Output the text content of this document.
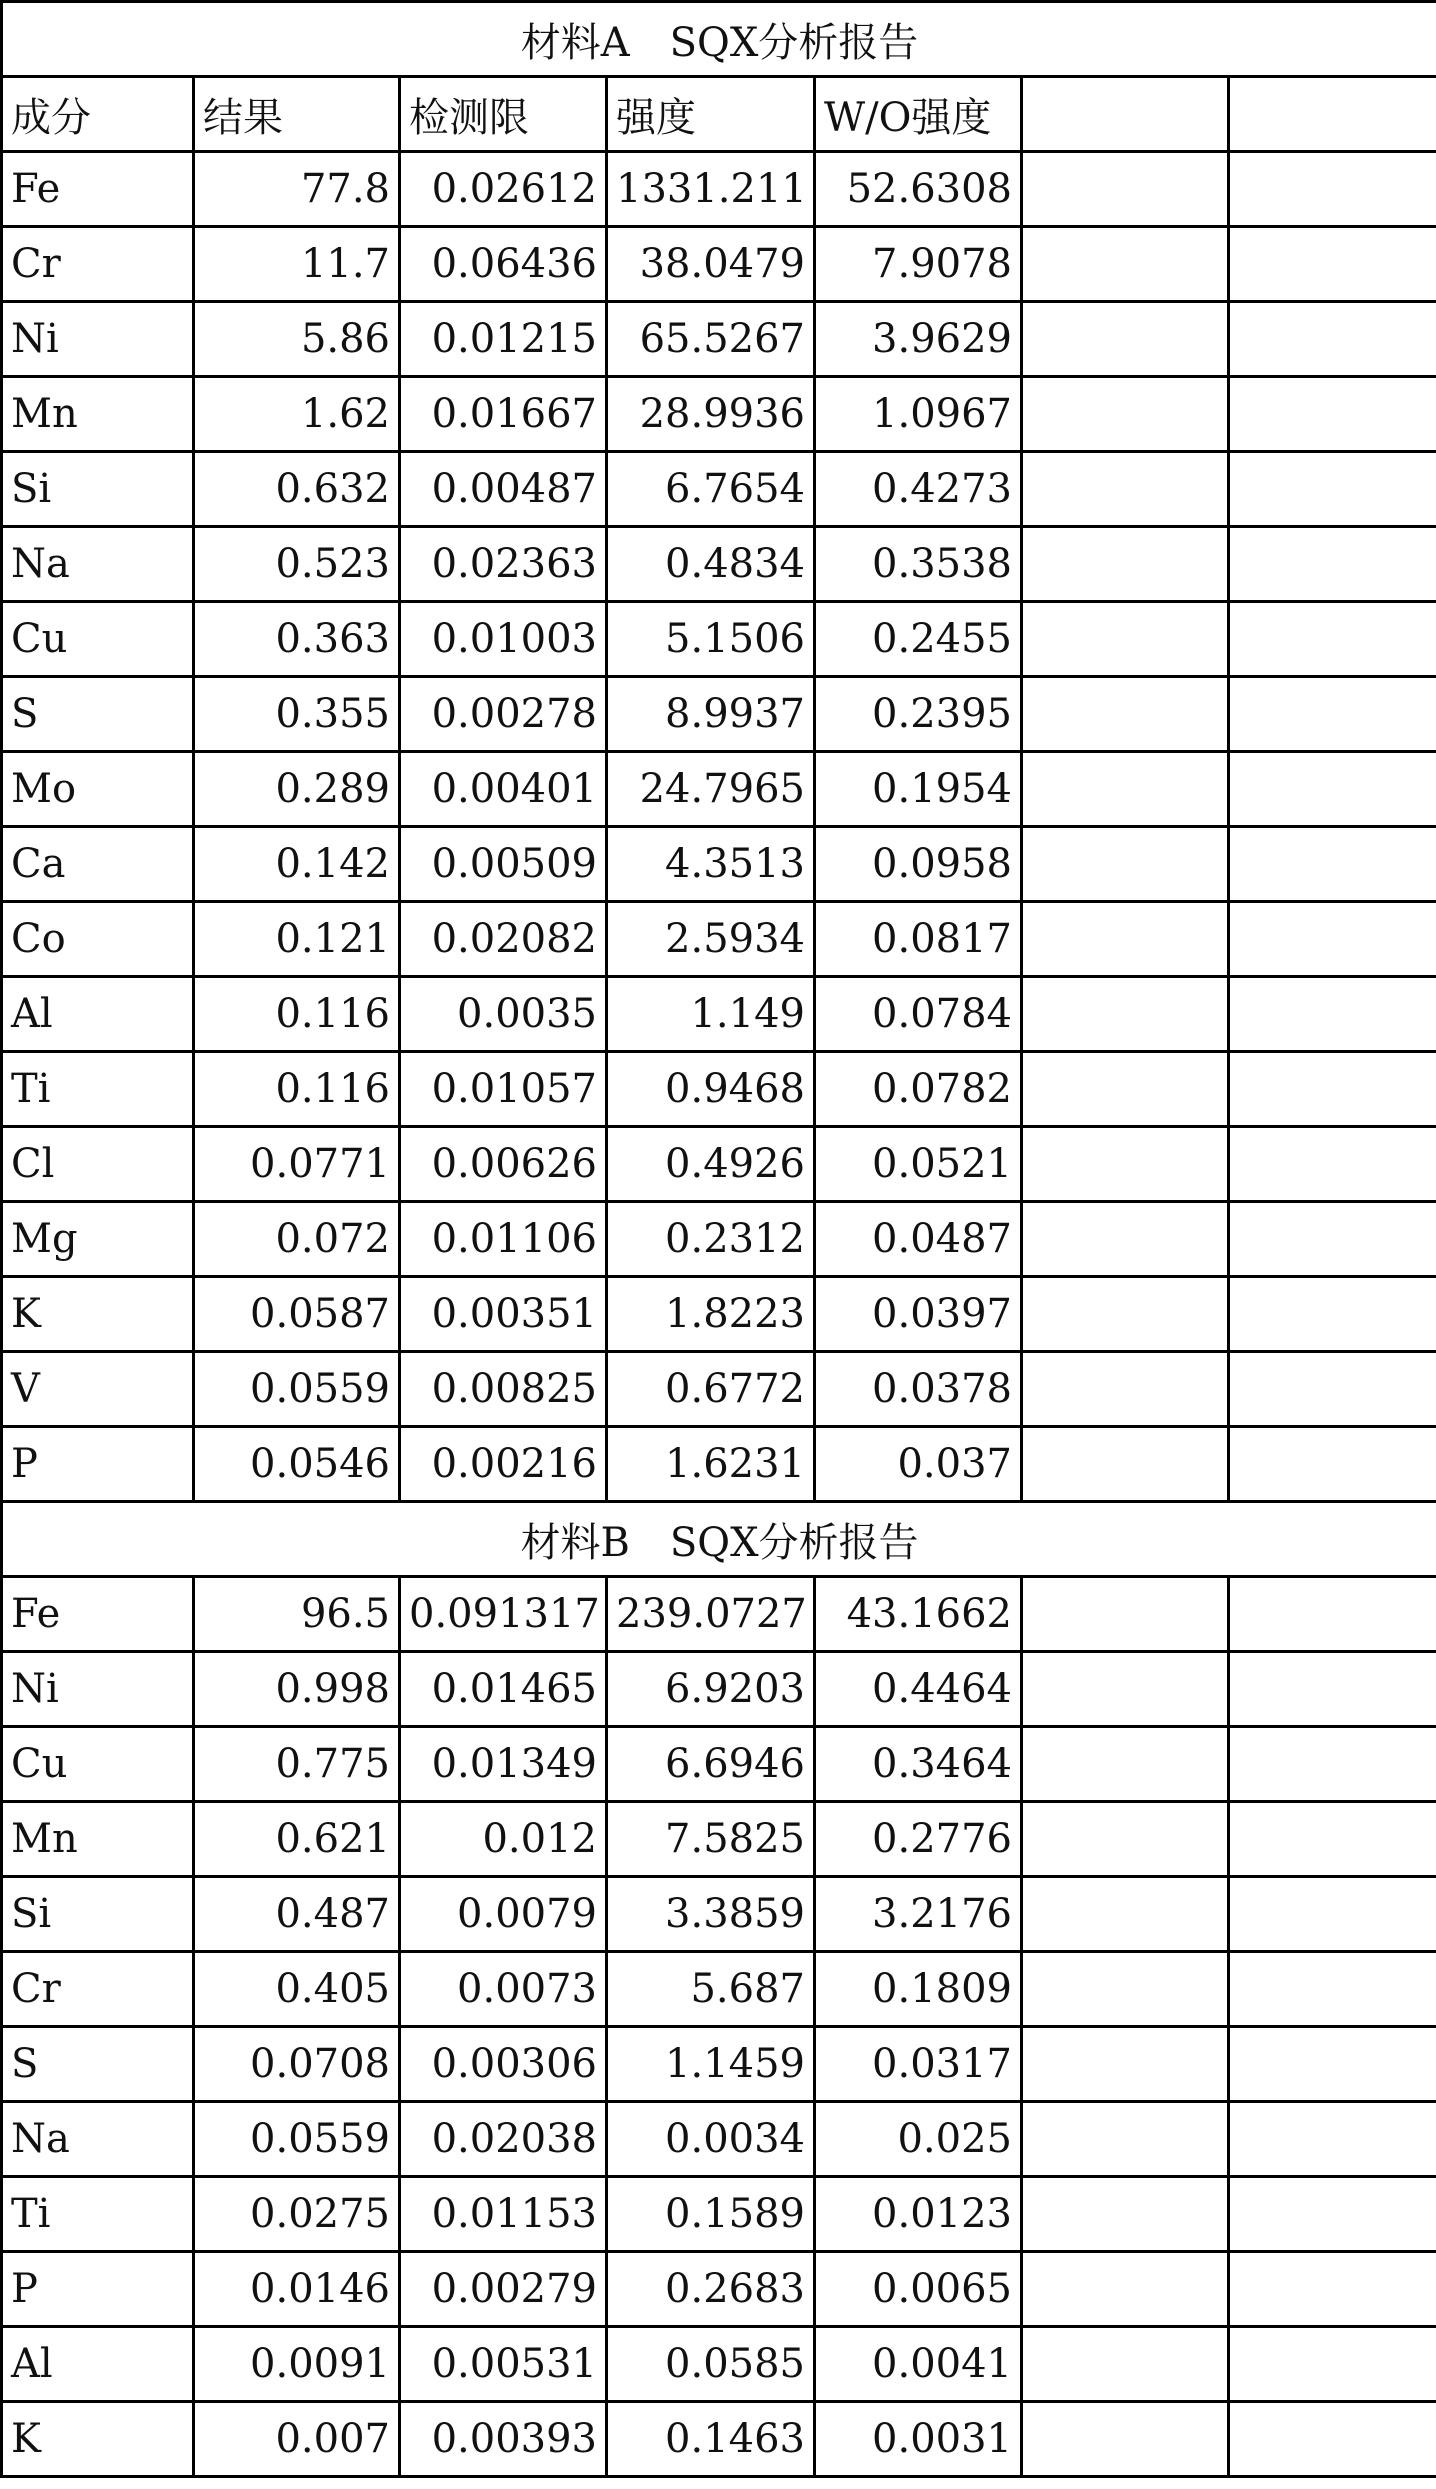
材料A　SQX分析报告						
成分	结果	检测限	强度	W/O强度		
Fe	77.8	0.02612	1331.211	52.6308		
Cr	11.7	0.06436	38.0479	7.9078		
Ni	5.86	0.01215	65.5267	3.9629		
Mn	1.62	0.01667	28.9936	1.0967		
Si	0.632	0.00487	6.7654	0.4273		
Na	0.523	0.02363	0.4834	0.3538		
Cu	0.363	0.01003	5.1506	0.2455		
S	0.355	0.00278	8.9937	0.2395		
Mo	0.289	0.00401	24.7965	0.1954		
Ca	0.142	0.00509	4.3513	0.0958		
Co	0.121	0.02082	2.5934	0.0817		
Al	0.116	0.0035	1.149	0.0784		
Ti	0.116	0.01057	0.9468	0.0782		
Cl	0.0771	0.00626	0.4926	0.0521		
Mg	0.072	0.01106	0.2312	0.0487		
K	0.0587	0.00351	1.8223	0.0397		
V	0.0559	0.00825	0.6772	0.0378		
P	0.0546	0.00216	1.6231	0.037		
材料B　SQX分析报告						
Fe	96.5	0.091317	239.0727	43.1662		
Ni	0.998	0.01465	6.9203	0.4464		
Cu	0.775	0.01349	6.6946	0.3464		
Mn	0.621	0.012	7.5825	0.2776		
Si	0.487	0.0079	3.3859	3.2176		
Cr	0.405	0.0073	5.687	0.1809		
S	0.0708	0.00306	1.1459	0.0317		
Na	0.0559	0.02038	0.0034	0.025		
Ti	0.0275	0.01153	0.1589	0.0123		
P	0.0146	0.00279	0.2683	0.0065		
Al	0.0091	0.00531	0.0585	0.0041		
K	0.007	0.00393	0.1463	0.0031		
